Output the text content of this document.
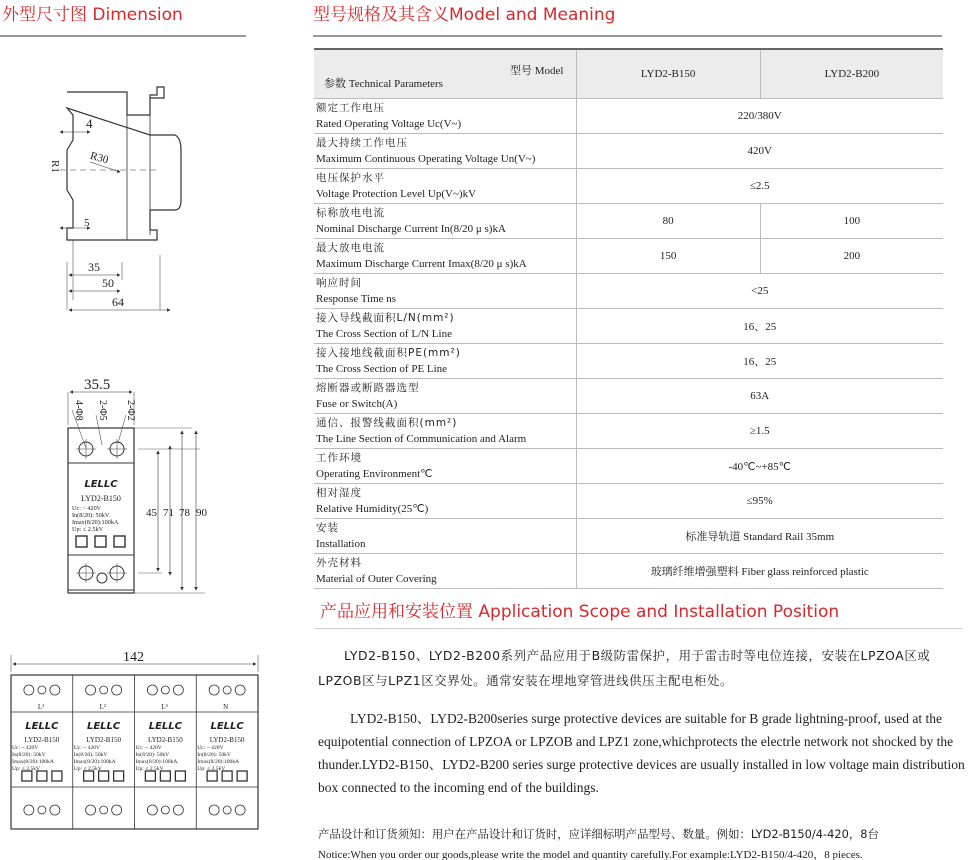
外型尺寸图 Dimension	型号规格及其含义Model and Meaning
型号 Model
参数 Technical Parameters	LYD2-B150	LYD2-B200

额定工作电压
Rated Operating Voltage Uc(V~)	220/380V	

最大持续工作电压
Maximum Continuous Operating Voltage Un(V~)	420V	

电压保护水平
Voltage Protection Level Up(V~)kV	≤2.5	

标称放电电流
Nominal Discharge Current In(8/20 μ s)kA	80	100

最大放电电流
Maximum Discharge Current Imax(8/20 μ s)kA	150	200

响应时间
Response Time ns	<25	

接入导线截面积L/N(mm²)
The Cross Section of L/N Line	16、25	

接入接地线截面积PE(mm²)
The Cross Section of PE Line	16、25	

熔断器或断路器选型
Fuse or Switch(A)	63A	

通信、报警线截面积(mm²)
The Line Section of Communication and Alarm	≥1.5	

工作环境
Operating Environment℃	-40℃~+85℃	

相对湿度
Relative Humidity(25℃)	≤95%	

安装
Installation	标准导轨道 Standard Rail 35mm	

外壳材料
Material of Outer Covering	玻璃纤维增强塑料 Fiber glass reinforced plastic	
产品应用和安装位置 Application Scope and Installation Position
LYD2-B150、LYD2-B200系列产品应用于B级防雷保护，用于雷击时等电位连接，安装在LPZOA区或LPZOB区与LPZ1区交界处。通常安装在埋地穿管进线供压主配电柜处。
LYD2-B150、LYD2-B200series surge protective devices are suitable for B grade lightning-proof, used at the equipotential connection of LPZOA or LPZOB and LPZ1 zone,whichprotects the electrle network not shocked by the thunder.LYD2-B150、LYD2-B200 series surge protective devices are usually installed in low voltage main distribution box connected to the incoming end of the buildings.
产品设计和订货须知：用户在产品设计和订货时，应详细标明产品型号、数量。例如：LYD2-B150/4-420，8台
Notice:When you order our goods,please write the model and quantity carefully.For example:LYD2-B150/4-420，8 pieces.
4
R1
R30
5
35
50
64
35.5
4-Φ8 2-Φ5 2-Φ2
LELLC
LYD2-B150
Uc: ~ 420V
In(8/20): 50kV
Imax(8/20):100kA
Up: ≤ 2.5kV
45 71 78 90
L¹
LELLC
LYD2-B150
Uc: ~ 420V
In(8/20): 50kV
Imax(8/20):100kA
Up: ≤ 2.5kV
L²
LELLC
LYD2-B150
Uc: ~ 420V
In(8/20): 50kV
Imax(8/20):100kA
Up: ≤ 2.5kV
L³
LELLC
LYD2-B150
Uc: ~ 420V
In(8/20): 50kV
Imax(8/20):100kA
Up: ≤ 2.5kV
N
LELLC
LYD2-B150
Uc: ~ 420V
In(8/20): 50kV
Imax(8/20):100kA
Up: ≤ 2.5kV
142
